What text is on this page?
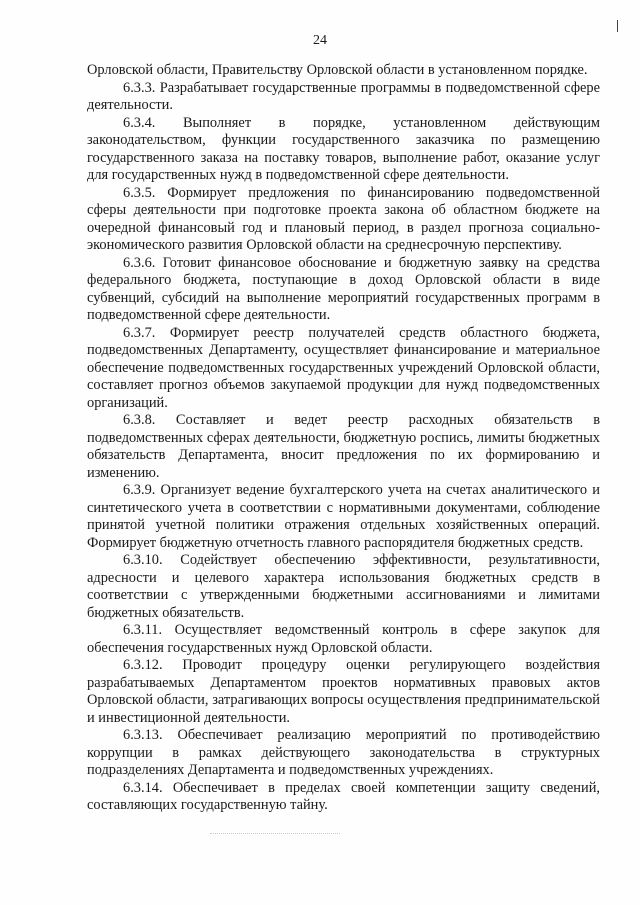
24

Орловской области, Правительству Орловской области в установленном порядке.

6.3.3. Разрабатывает государственные программы в подведомственной сфере деятельности.

6.3.4. Выполняет в порядке, установленном действующим законодательством, функции государственного заказчика по размещению государственного заказа на поставку товаров, выполнение работ, оказание услуг для государственных нужд в подведомственной сфере деятельности.

6.3.5. Формирует предложения по финансированию подведомственной сферы деятельности при подготовке проекта закона об областном бюджете на очередной финансовый год и плановый период, в раздел прогноза социально-экономического развития Орловской области на среднесрочную перспективу.

6.3.6. Готовит финансовое обоснование и бюджетную заявку на средства федерального бюджета, поступающие в доход Орловской области в виде субвенций, субсидий на выполнение мероприятий государственных программ в подведомственной сфере деятельности.

6.3.7. Формирует реестр получателей средств областного бюджета, подведомственных Департаменту, осуществляет финансирование и материальное обеспечение подведомственных государственных учреждений Орловской области, составляет прогноз объемов закупаемой продукции для нужд подведомственных организаций.

6.3.8. Составляет и ведет реестр расходных обязательств в подведомственных сферах деятельности, бюджетную роспись, лимиты бюджетных обязательств Департамента, вносит предложения по их формированию и изменению.

6.3.9. Организует ведение бухгалтерского учета на счетах аналитического и синтетического учета в соответствии с нормативными документами, соблюдение принятой учетной политики отражения отдельных хозяйственных операций. Формирует бюджетную отчетность главного распорядителя бюджетных средств.

6.3.10. Содействует обеспечению эффективности, результативности, адресности и целевого характера использования бюджетных средств в соответствии с утвержденными бюджетными ассигнованиями и лимитами бюджетных обязательств.

6.3.11. Осуществляет ведомственный контроль в сфере закупок для обеспечения государственных нужд Орловской области.

6.3.12. Проводит процедуру оценки регулирующего воздействия разрабатываемых Департаментом проектов нормативных правовых актов Орловской области, затрагивающих вопросы осуществления предпринимательской и инвестиционной деятельности.

6.3.13. Обеспечивает реализацию мероприятий по противодействию коррупции в рамках действующего законодательства в структурных подразделениях Департамента и подведомственных учреждениях.

6.3.14. Обеспечивает в пределах своей компетенции защиту сведений, составляющих государственную тайну.
